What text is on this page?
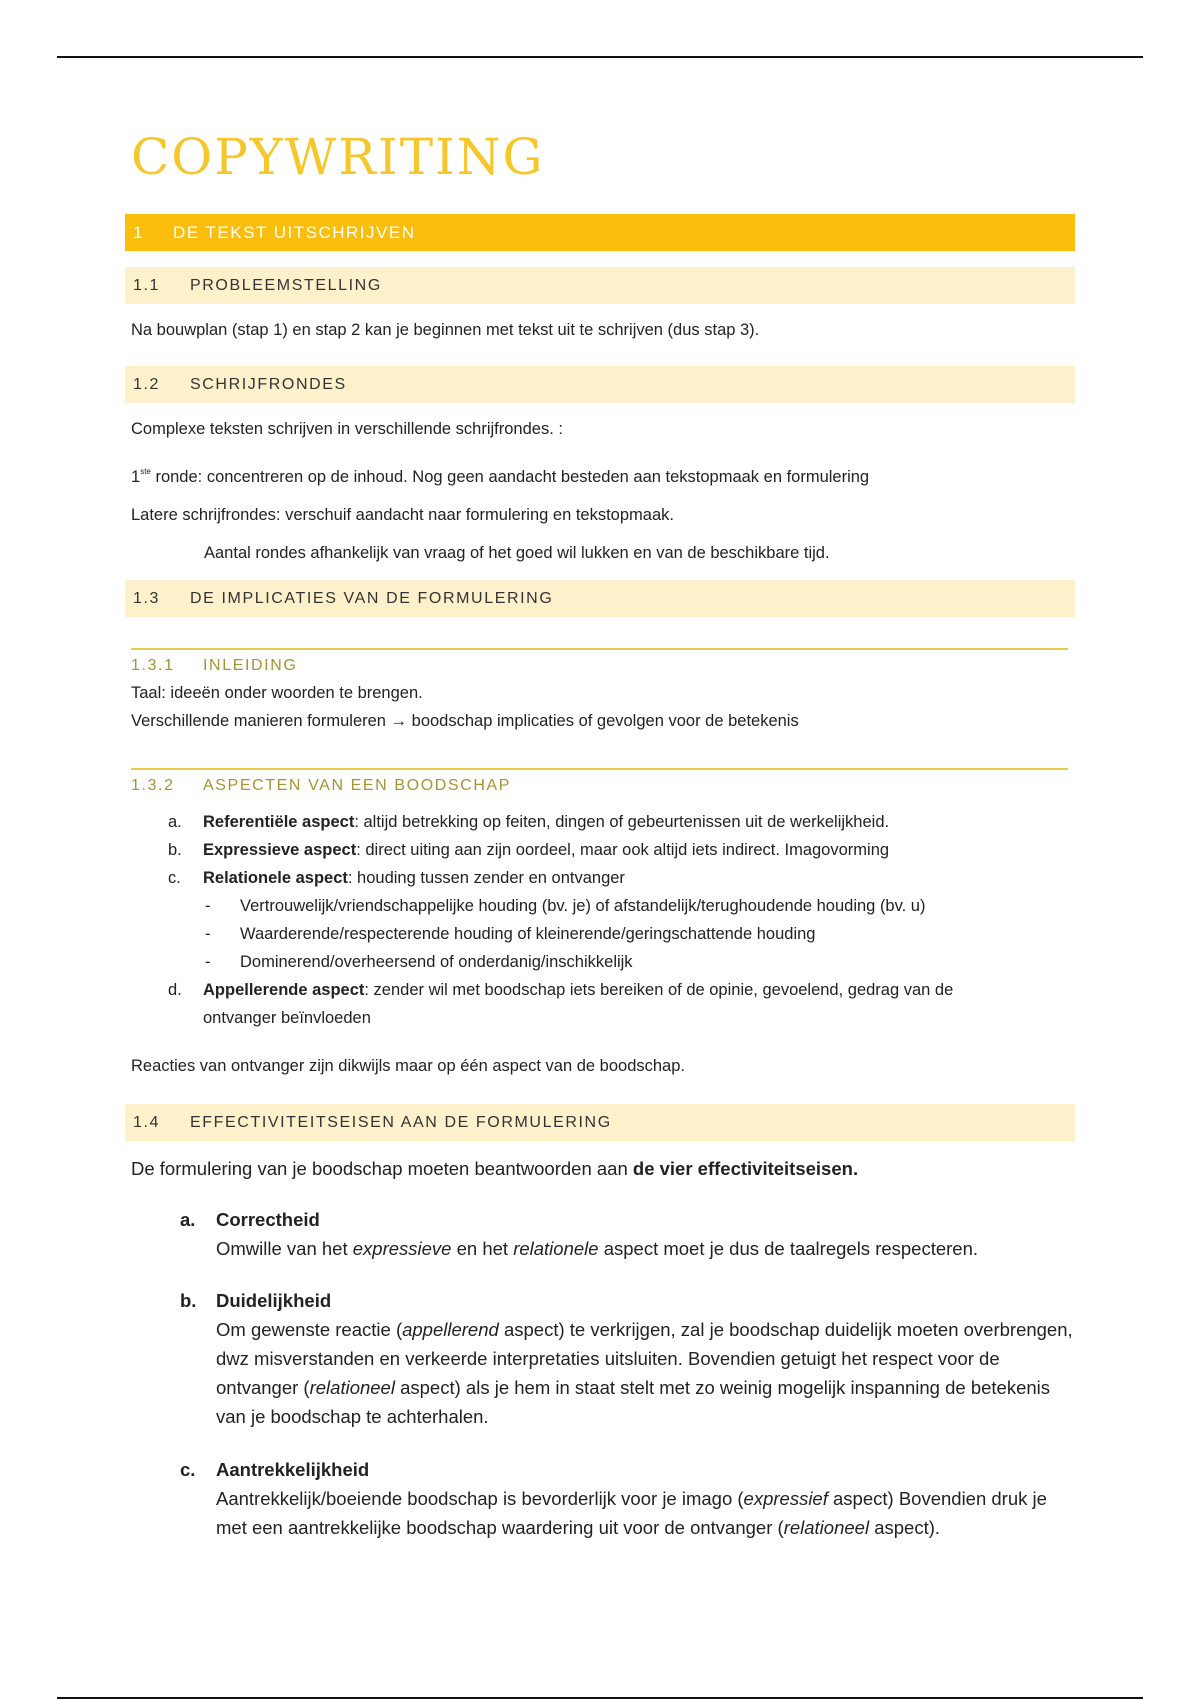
COPYWRITING
1	DE TEKST UITSCHRIJVEN
1.1	PROBLEEMSTELLING
Na bouwplan (stap 1) en stap 2 kan je beginnen met tekst uit te schrijven (dus stap 3).
1.2	SCHRIJFRONDES
Complexe teksten schrijven in verschillende schrijfrondes. :
1ste ronde: concentreren op de inhoud. Nog geen aandacht besteden aan tekstopmaak en formulering
Latere schrijfrondes: verschuif aandacht naar formulering en tekstopmaak.
Aantal rondes afhankelijk van vraag of het goed wil lukken en van de beschikbare tijd.
1.3	DE IMPLICATIES VAN DE FORMULERING
1.3.1 INLEIDING
Taal: ideeën onder woorden te brengen.
Verschillende manieren formuleren → boodschap implicaties of gevolgen voor de betekenis
1.3.2 ASPECTEN VAN EEN BOODSCHAP
a. Referentiële aspect: altijd betrekking op feiten, dingen of gebeurtenissen uit de werkelijkheid.
b. Expressieve aspect: direct uiting aan zijn oordeel, maar ook altijd iets indirect. Imagovorming
c. Relationele aspect: houding tussen zender en ontvanger
- Vertrouwelijk/vriendschappelijke houding (bv. je) of afstandelijk/terughoudende houding (bv. u)
- Waarderende/respecterende houding of kleinerende/geringschattende houding
- Dominerend/overheersend of onderdanig/inschikkelijk
d. Appellerende aspect: zender wil met boodschap iets bereiken of de opinie, gevoelend, gedrag van de
ontvanger beïnvloeden
Reacties van ontvanger zijn dikwijls maar op één aspect van de boodschap.
1.4	EFFECTIVITEITSEISEN AAN DE FORMULERING
De formulering van je boodschap moeten beantwoorden aan de vier effectiviteitseisen.
a. Correctheid
Omwille van het expressieve en het relationele aspect moet je dus de taalregels respecteren.
b. Duidelijkheid
Om gewenste reactie (appellerend aspect) te verkrijgen, zal je boodschap duidelijk moeten overbrengen, dwz misverstanden en verkeerde interpretaties uitsluiten. Bovendien getuigt het respect voor de ontvanger (relationeel aspect) als je hem in staat stelt met zo weinig mogelijk inspanning de betekenis van je boodschap te achterhalen.
c. Aantrekkelijkheid
Aantrekkelijk/boeiende boodschap is bevorderlijk voor je imago (expressief aspect) Bovendien druk je met een aantrekkelijke boodschap waardering uit voor de ontvanger (relationeel aspect).
